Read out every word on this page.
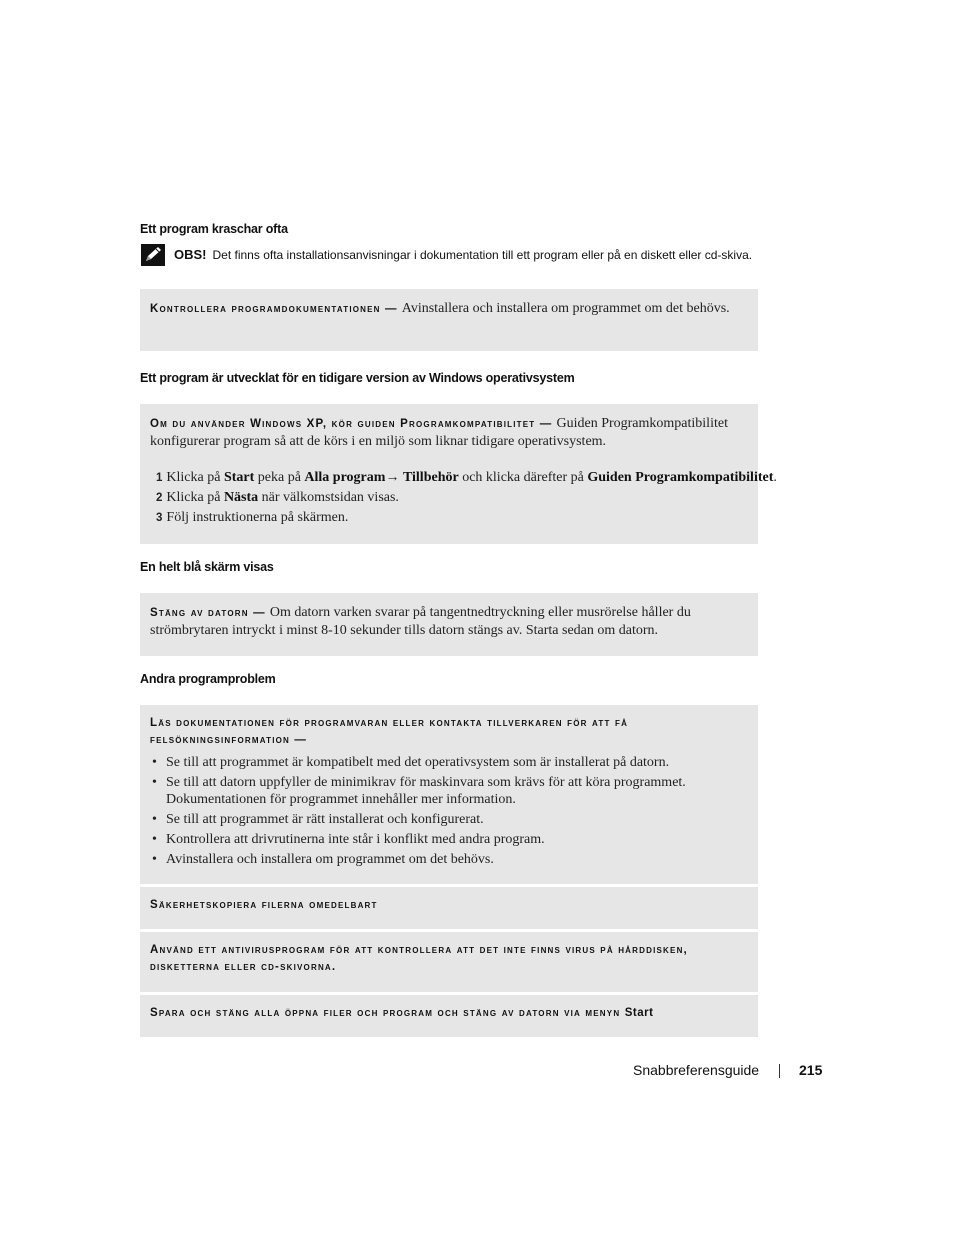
Ett program kraschar ofta
OBS! Det finns ofta installationsanvisningar i dokumentation till ett program eller på en diskett eller cd-skiva.
Kontrollera programdokumentationen — Avinstallera och installera om programmet om det behövs.
Ett program är utvecklat för en tidigare version av Windows operativsystem
Om du använder Windows XP, kör guiden Programkompatibilitet — Guiden Programkompatibilitet konfigurerar program så att de körs i en miljö som liknar tidigare operativsystem.
1 Klicka på Start peka på Alla program→ Tillbehör och klicka därefter på Guiden Programkompatibilitet.
2 Klicka på Nästa när välkomstsidan visas.
3 Följ instruktionerna på skärmen.
En helt blå skärm visas
Stäng av datorn — Om datorn varken svarar på tangentnedtryckning eller musrörelse håller du strömbrytaren intryckt i minst 8-10 sekunder tills datorn stängs av. Starta sedan om datorn.
Andra programproblem
Läs dokumentationen för programvaran eller kontakta tillverkaren för att få felsökningsinformation —
• Se till att programmet är kompatibelt med det operativsystem som är installerat på datorn.
• Se till att datorn uppfyller de minimikrav för maskinvara som krävs för att köra programmet. Dokumentationen för programmet innehåller mer information.
• Se till att programmet är rätt installerat och konfigurerat.
• Kontrollera att drivrutinerna inte står i konflikt med andra program.
• Avinstallera och installera om programmet om det behövs.
Säkerhetskopiera filerna omedelbart
Använd ett antivirusprogram för att kontrollera att det inte finns virus på hårddisken, disketterna eller cd-skivorna.
Spara och stäng alla öppna filer och program och stäng av datorn via menyn Start
Snabbreferensguide	215
